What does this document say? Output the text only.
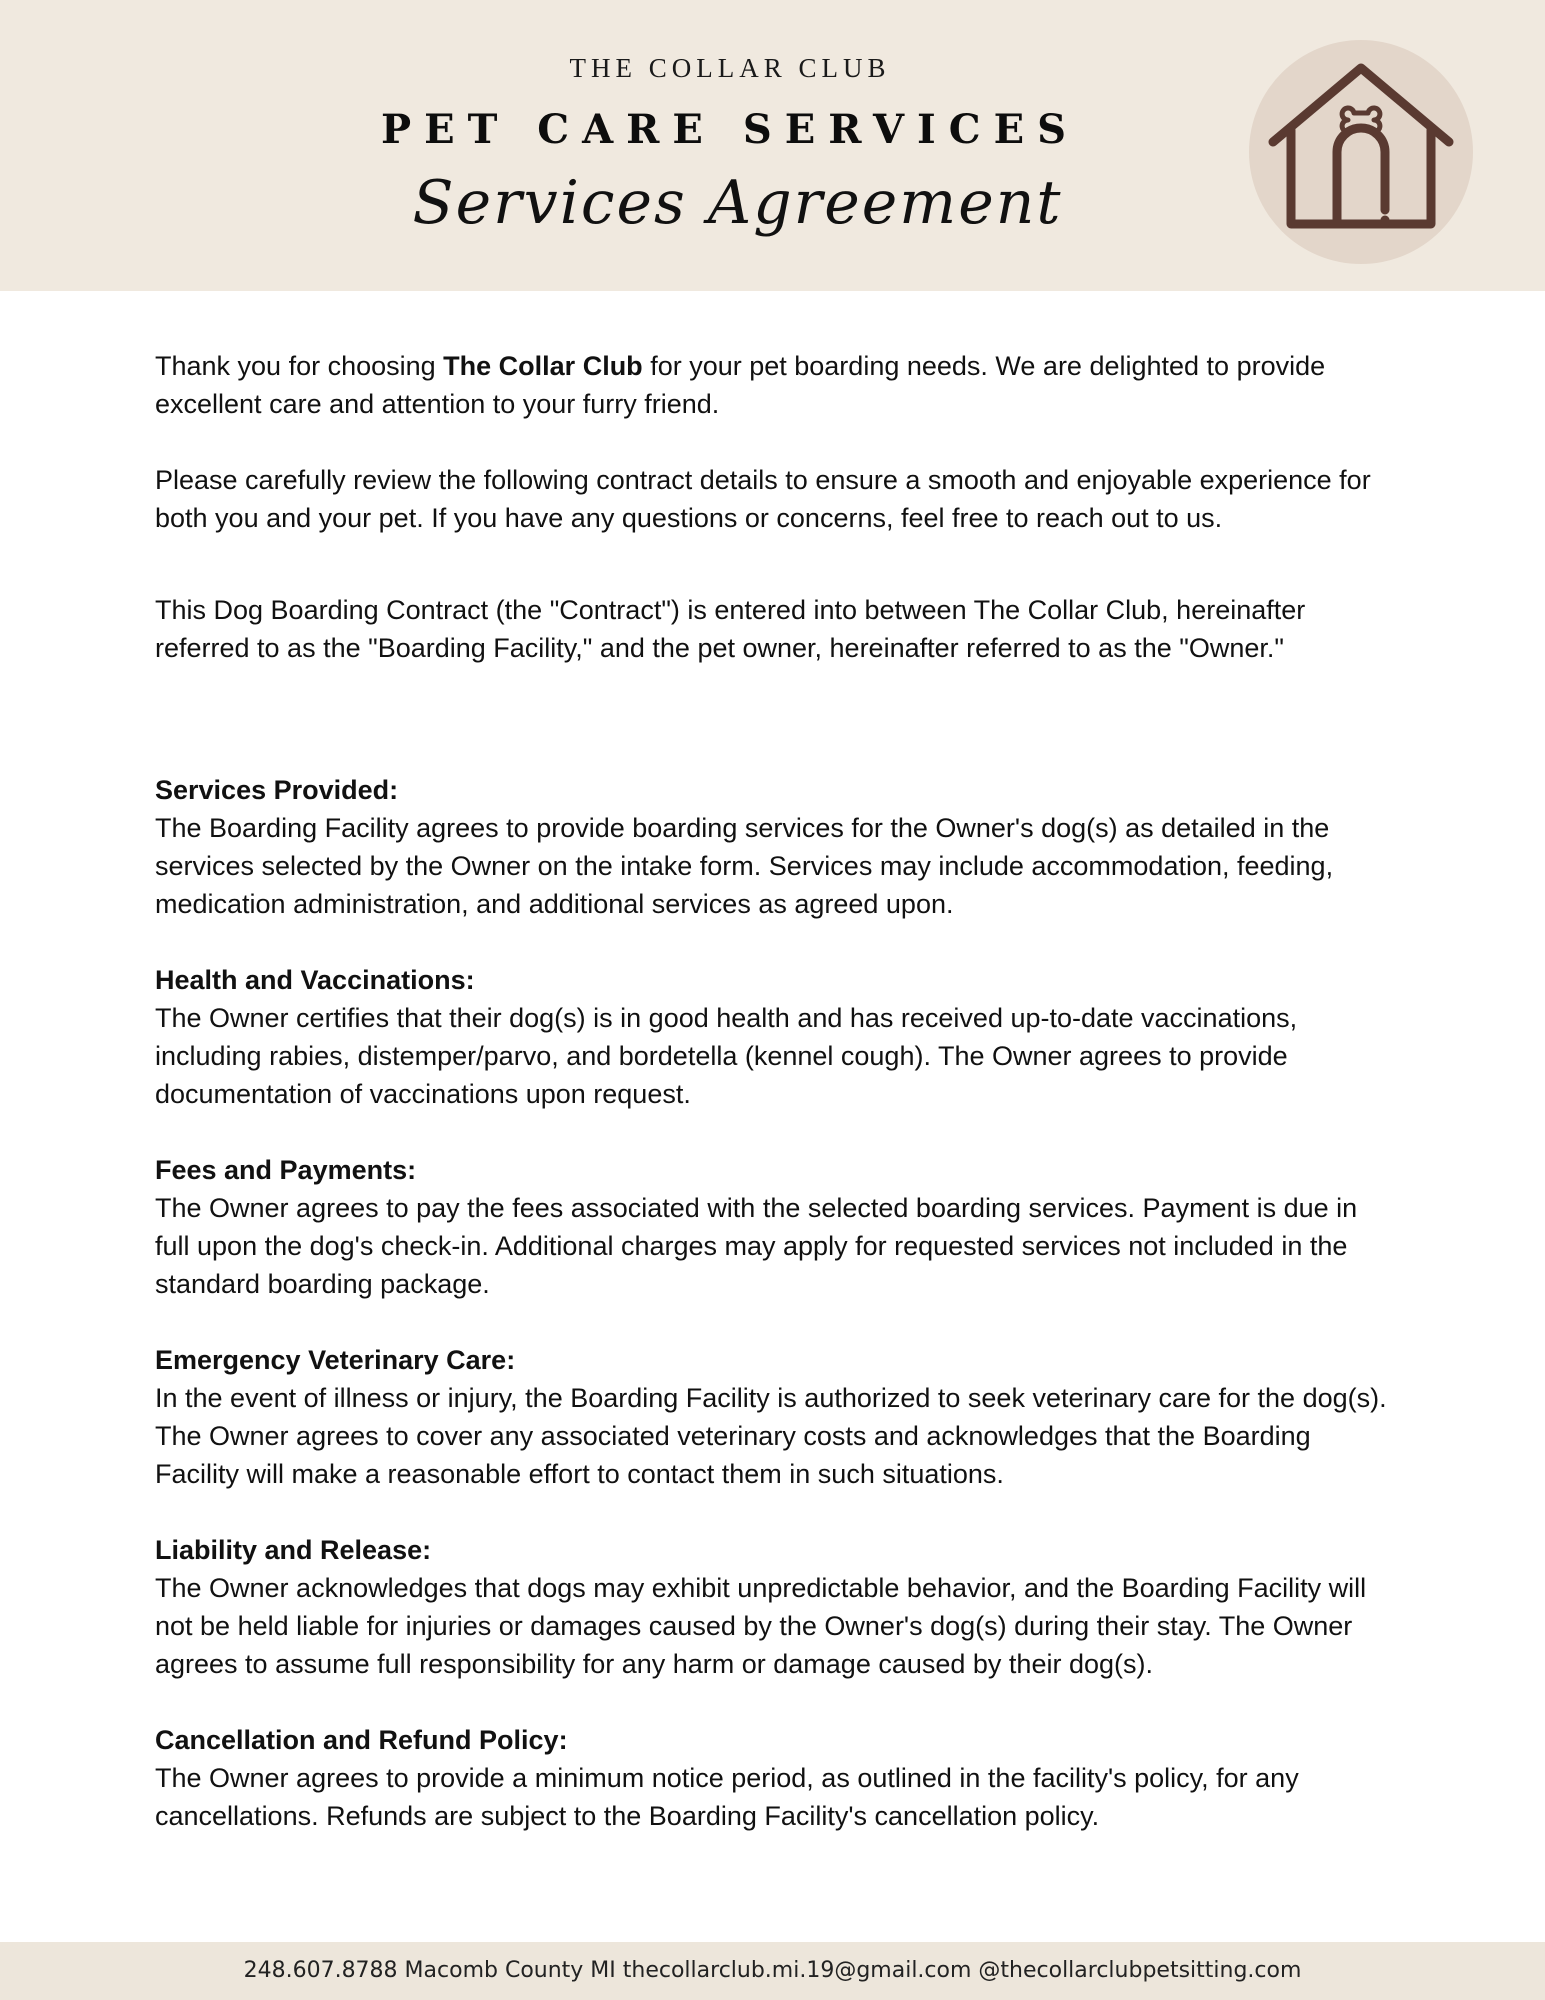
THE COLLAR CLUB
PET CARE SERVICES
Services Agreement

Thank you for choosing The Collar Club for your pet boarding needs. We are delighted to provide excellent care and attention to your furry friend.

Please carefully review the following contract details to ensure a smooth and enjoyable experience for both you and your pet. If you have any questions or concerns, feel free to reach out to us.

This Dog Boarding Contract (the "Contract") is entered into between The Collar Club, hereinafter referred to as the "Boarding Facility," and the pet owner, hereinafter referred to as the "Owner."

Services Provided:

The Boarding Facility agrees to provide boarding services for the Owner's dog(s) as detailed in the services selected by the Owner on the intake form. Services may include accommodation, feeding, medication administration, and additional services as agreed upon.

Health and Vaccinations:

The Owner certifies that their dog(s) is in good health and has received up-to-date vaccinations, including rabies, distemper/parvo, and bordetella (kennel cough). The Owner agrees to provide documentation of vaccinations upon request.

Fees and Payments:

The Owner agrees to pay the fees associated with the selected boarding services. Payment is due in full upon the dog's check-in. Additional charges may apply for requested services not included in the standard boarding package.

Emergency Veterinary Care:

In the event of illness or injury, the Boarding Facility is authorized to seek veterinary care for the dog(s). The Owner agrees to cover any associated veterinary costs and acknowledges that the Boarding Facility will make a reasonable effort to contact them in such situations.

Liability and Release:

The Owner acknowledges that dogs may exhibit unpredictable behavior, and the Boarding Facility will not be held liable for injuries or damages caused by the Owner's dog(s) during their stay. The Owner agrees to assume full responsibility for any harm or damage caused by their dog(s).

Cancellation and Refund Policy:

The Owner agrees to provide a minimum notice period, as outlined in the facility's policy, for any cancellations. Refunds are subject to the Boarding Facility's cancellation policy.

248.607.8788 Macomb County MI thecollarclub.mi.19@gmail.com @thecollarclubpetsitting.com
